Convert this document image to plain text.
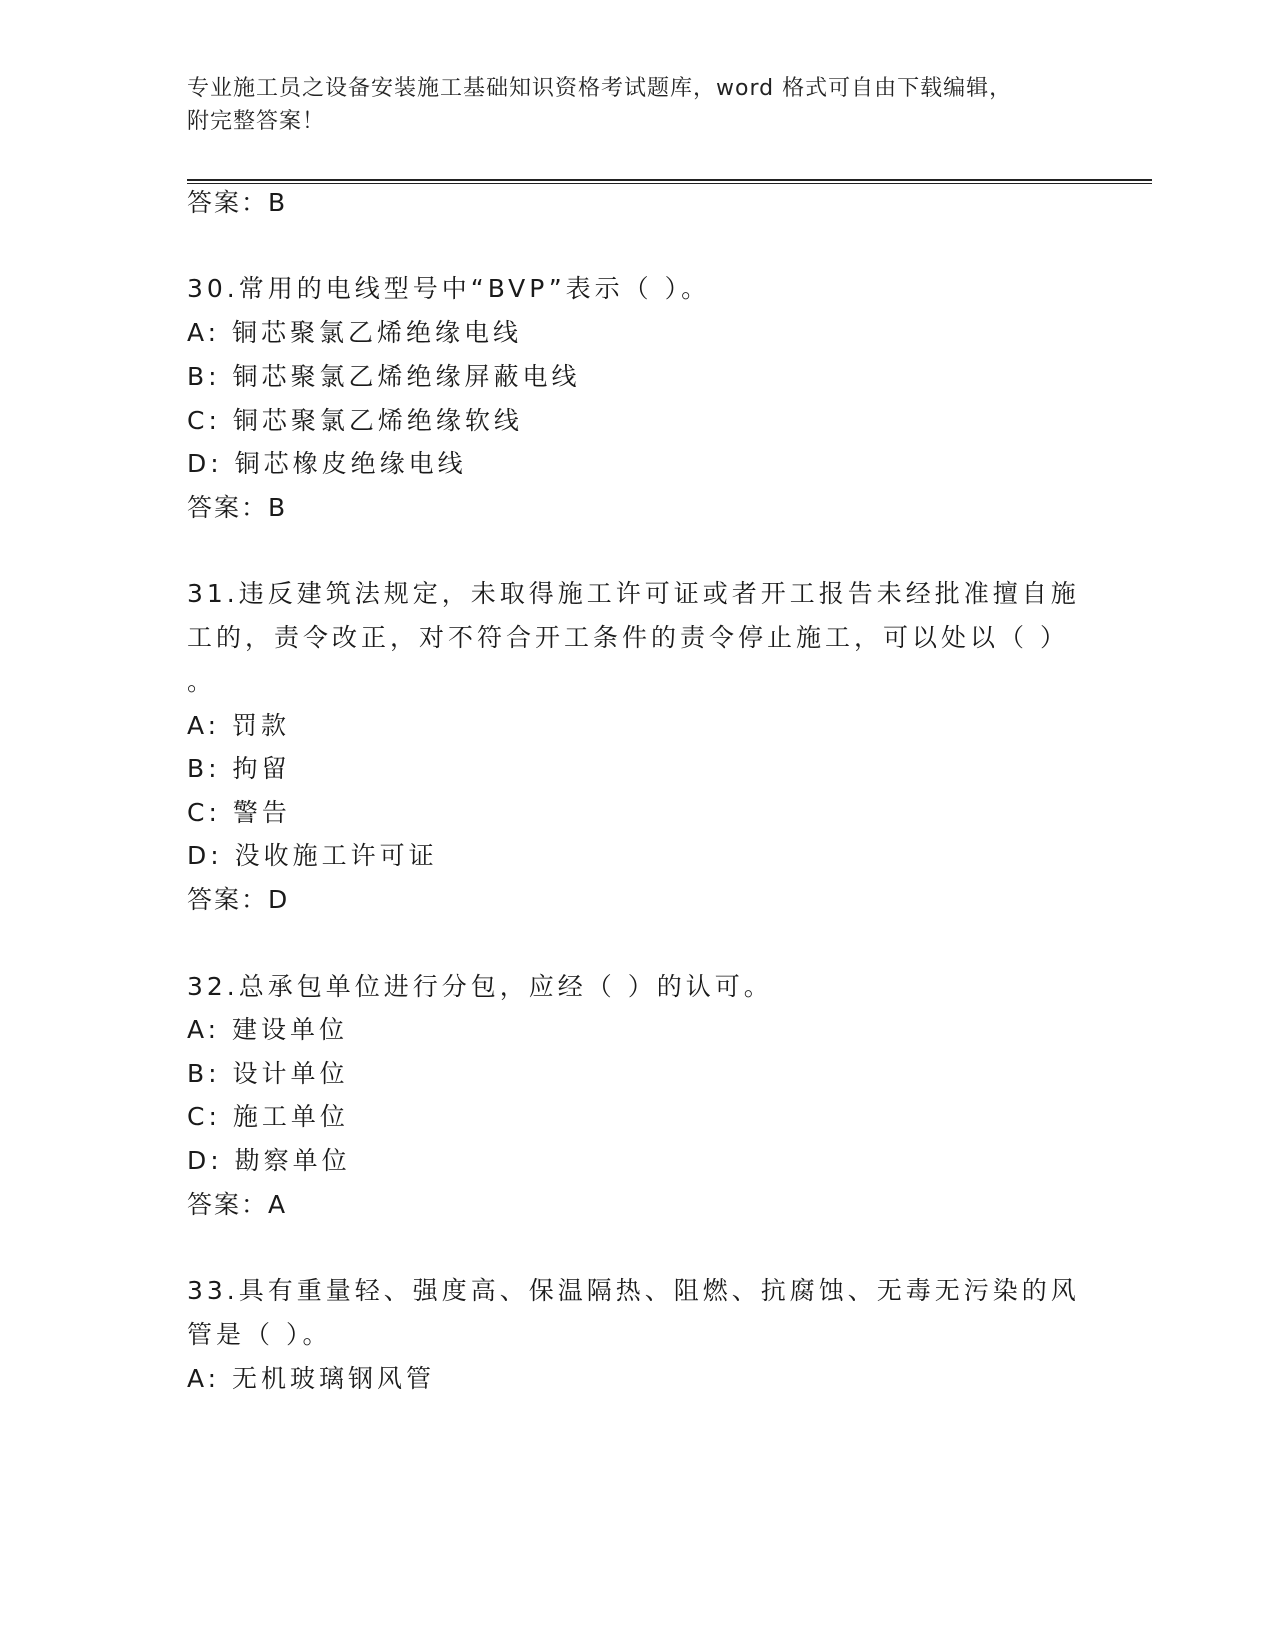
专业施工员之设备安装施工基础知识资格考试题库，word 格式可自由下载编辑，
附完整答案！
答案：B
30.常用的电线型号中“BVP”表示（ ）。
A: 铜芯聚氯乙烯绝缘电线
B: 铜芯聚氯乙烯绝缘屏蔽电线
C: 铜芯聚氯乙烯绝缘软线
D: 铜芯橡皮绝缘电线
答案：B
31.违反建筑法规定，未取得施工许可证或者开工报告未经批准擅自施
工的，责令改正，对不符合开工条件的责令停止施工，可以处以（ ）
。
A: 罚款
B: 拘留
C: 警告
D: 没收施工许可证
答案：D
32.总承包单位进行分包，应经（ ）的认可。
A: 建设单位
B: 设计单位
C: 施工单位
D: 勘察单位
答案：A
33.具有重量轻、强度高、保温隔热、阻燃、抗腐蚀、无毒无污染的风
管是（ ）。
A: 无机玻璃钢风管
